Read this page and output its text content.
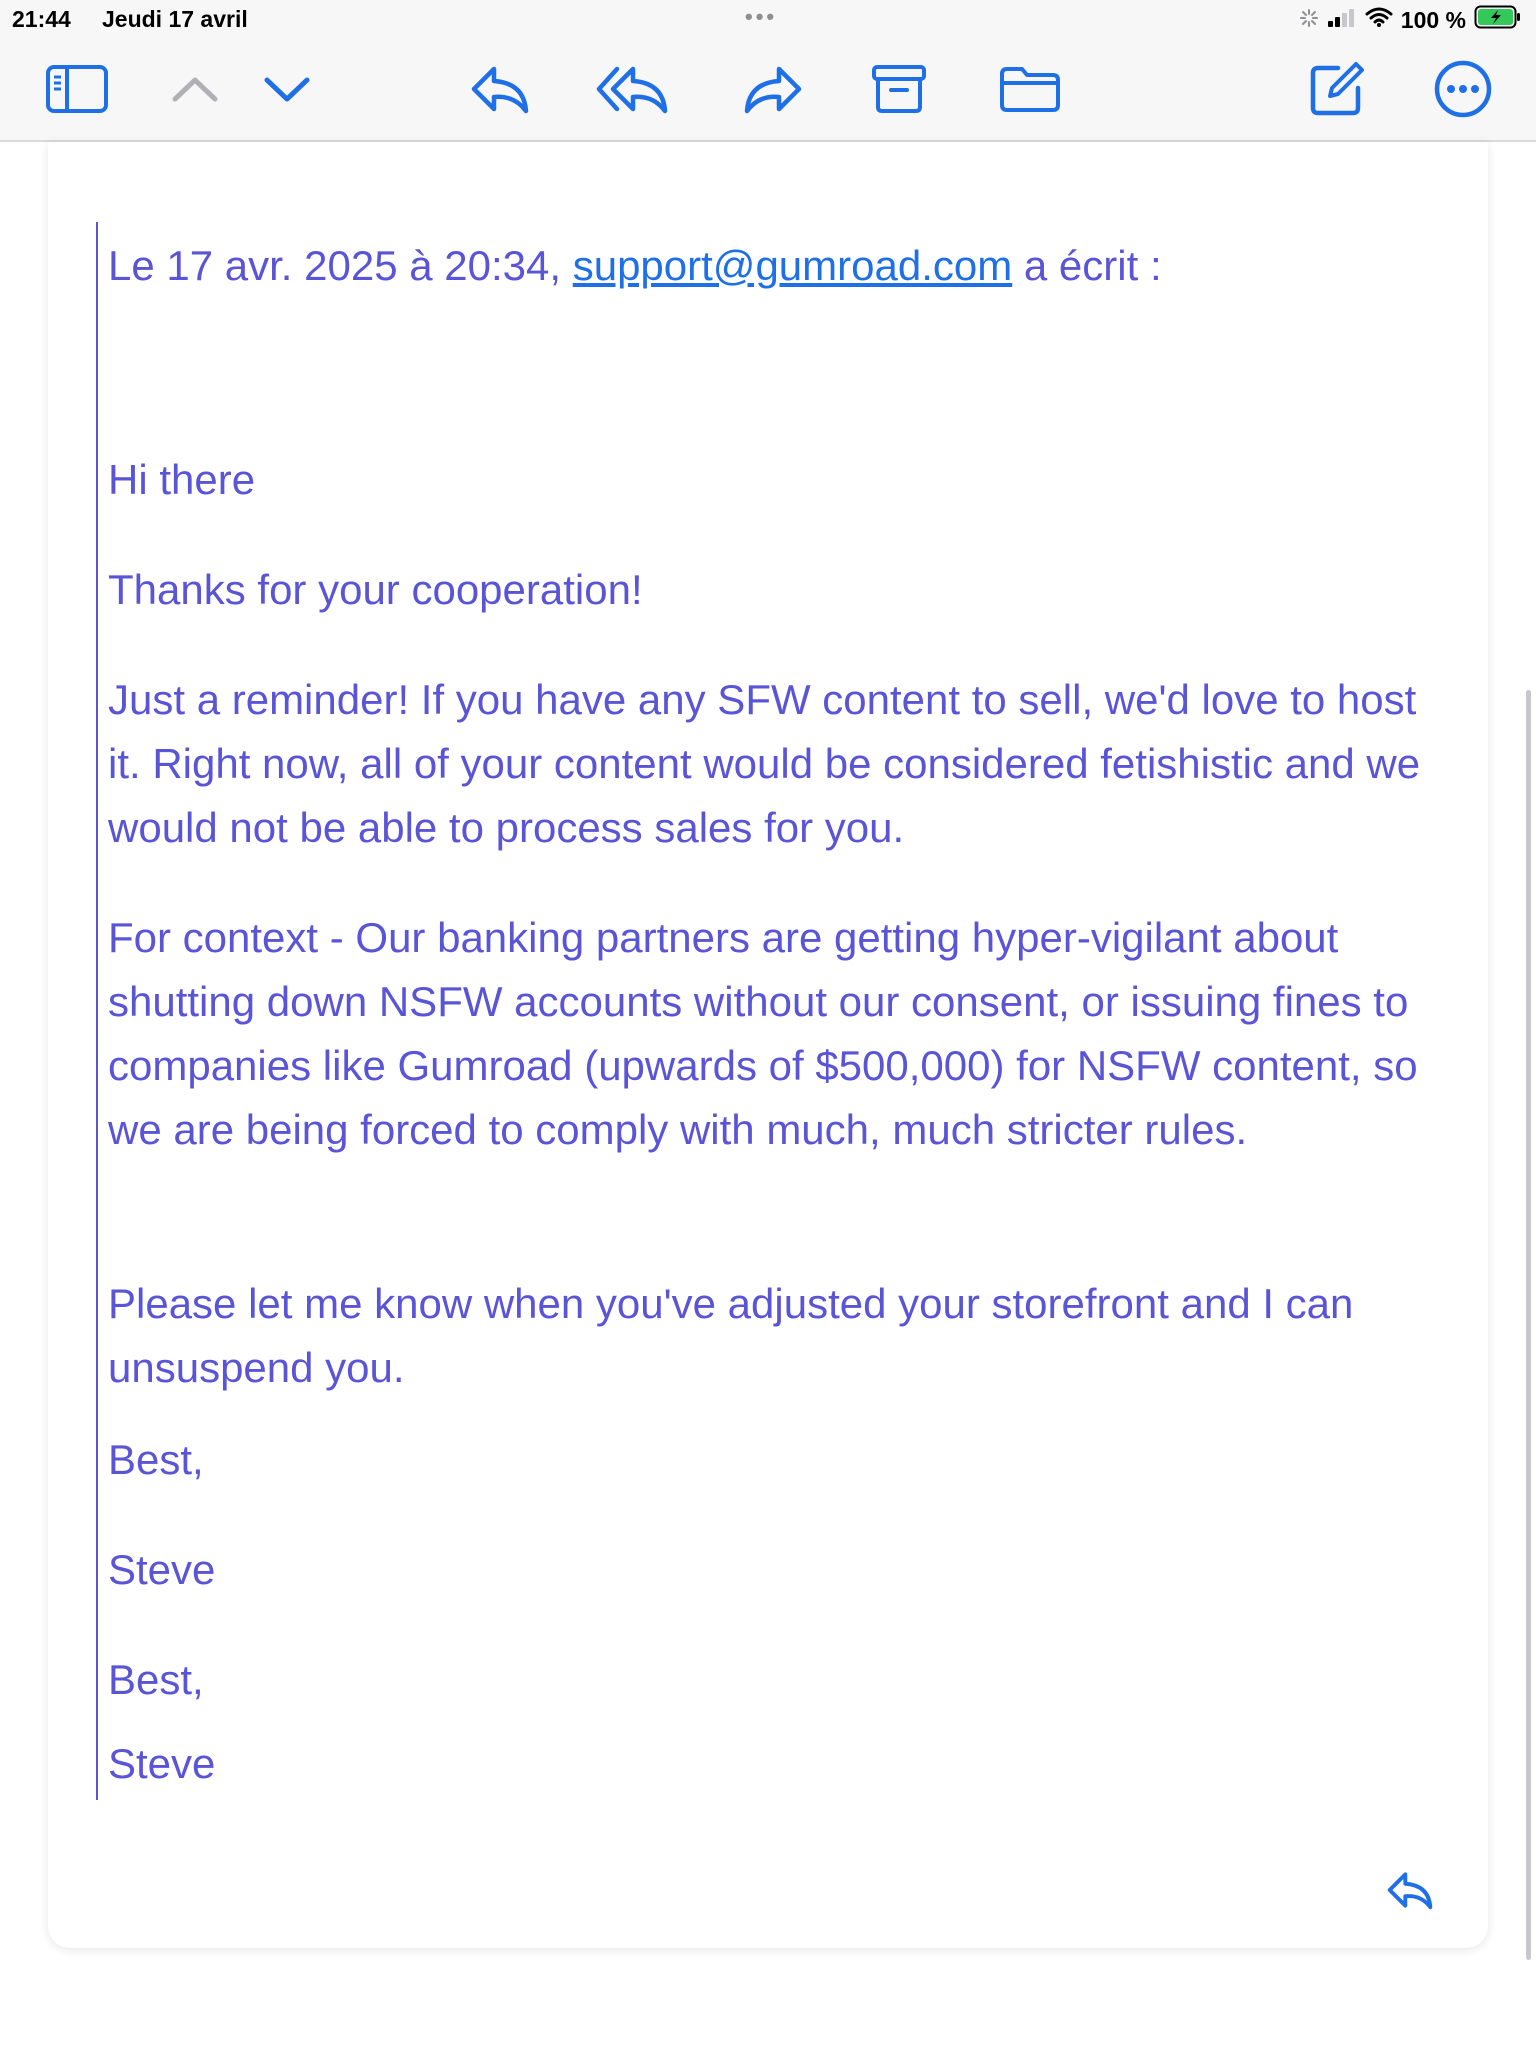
21:44 Jeudi 17 avril	•••	100 %
Le 17 avr. 2025 à 20:34, support@gumroad.com a écrit :
Hi there
Thanks for your cooperation!
Just a reminder! If you have any SFW content to sell, we'd love to host it. Right now, all of your content would be considered fetishistic and we would not be able to process sales for you.
For context - Our banking partners are getting hyper-vigilant about shutting down NSFW accounts without our consent, or issuing fines to companies like Gumroad (upwards of $500,000) for NSFW content, so we are being forced to comply with much, much stricter rules.
Please let me know when you've adjusted your storefront and I can unsuspend you.
Best,
Steve
Best,
Steve
